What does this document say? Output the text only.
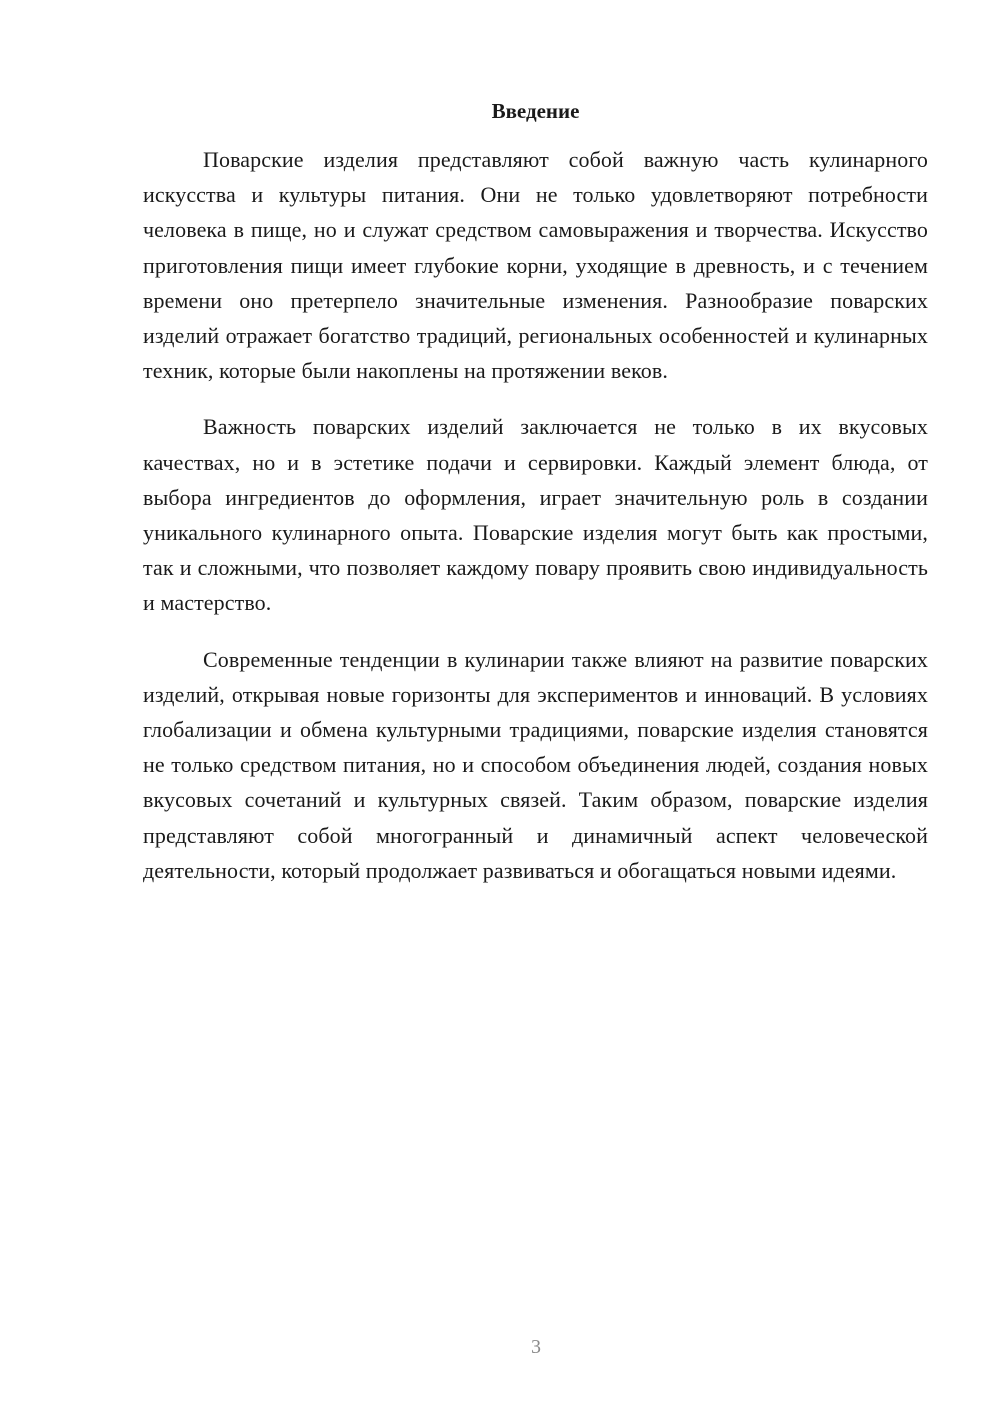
Введение

Поварские изделия представляют собой важную часть кулинарного искусства и культуры питания. Они не только удовлетворяют потребности человека в пище, но и служат средством самовыражения и творчества. Искусство приготовления пищи имеет глубокие корни, уходящие в древность, и с течением времени оно претерпело значительные изменения. Разнообразие поварских изделий отражает богатство традиций, региональных особенностей и кулинарных техник, которые были накоплены на протяжении веков.

Важность поварских изделий заключается не только в их вкусовых качествах, но и в эстетике подачи и сервировки. Каждый элемент блюда, от выбора ингредиентов до оформления, играет значительную роль в создании уникального кулинарного опыта. Поварские изделия могут быть как простыми, так и сложными, что позволяет каждому повару проявить свою индивидуальность и мастерство.

Современные тенденции в кулинарии также влияют на развитие поварских изделий, открывая новые горизонты для экспериментов и инноваций. В условиях глобализации и обмена культурными традициями, поварские изделия становятся не только средством питания, но и способом объединения людей, создания новых вкусовых сочетаний и культурных связей. Таким образом, поварские изделия представляют собой многогранный и динамичный аспект человеческой деятельности, который продолжает развиваться и обогащаться новыми идеями.

3
